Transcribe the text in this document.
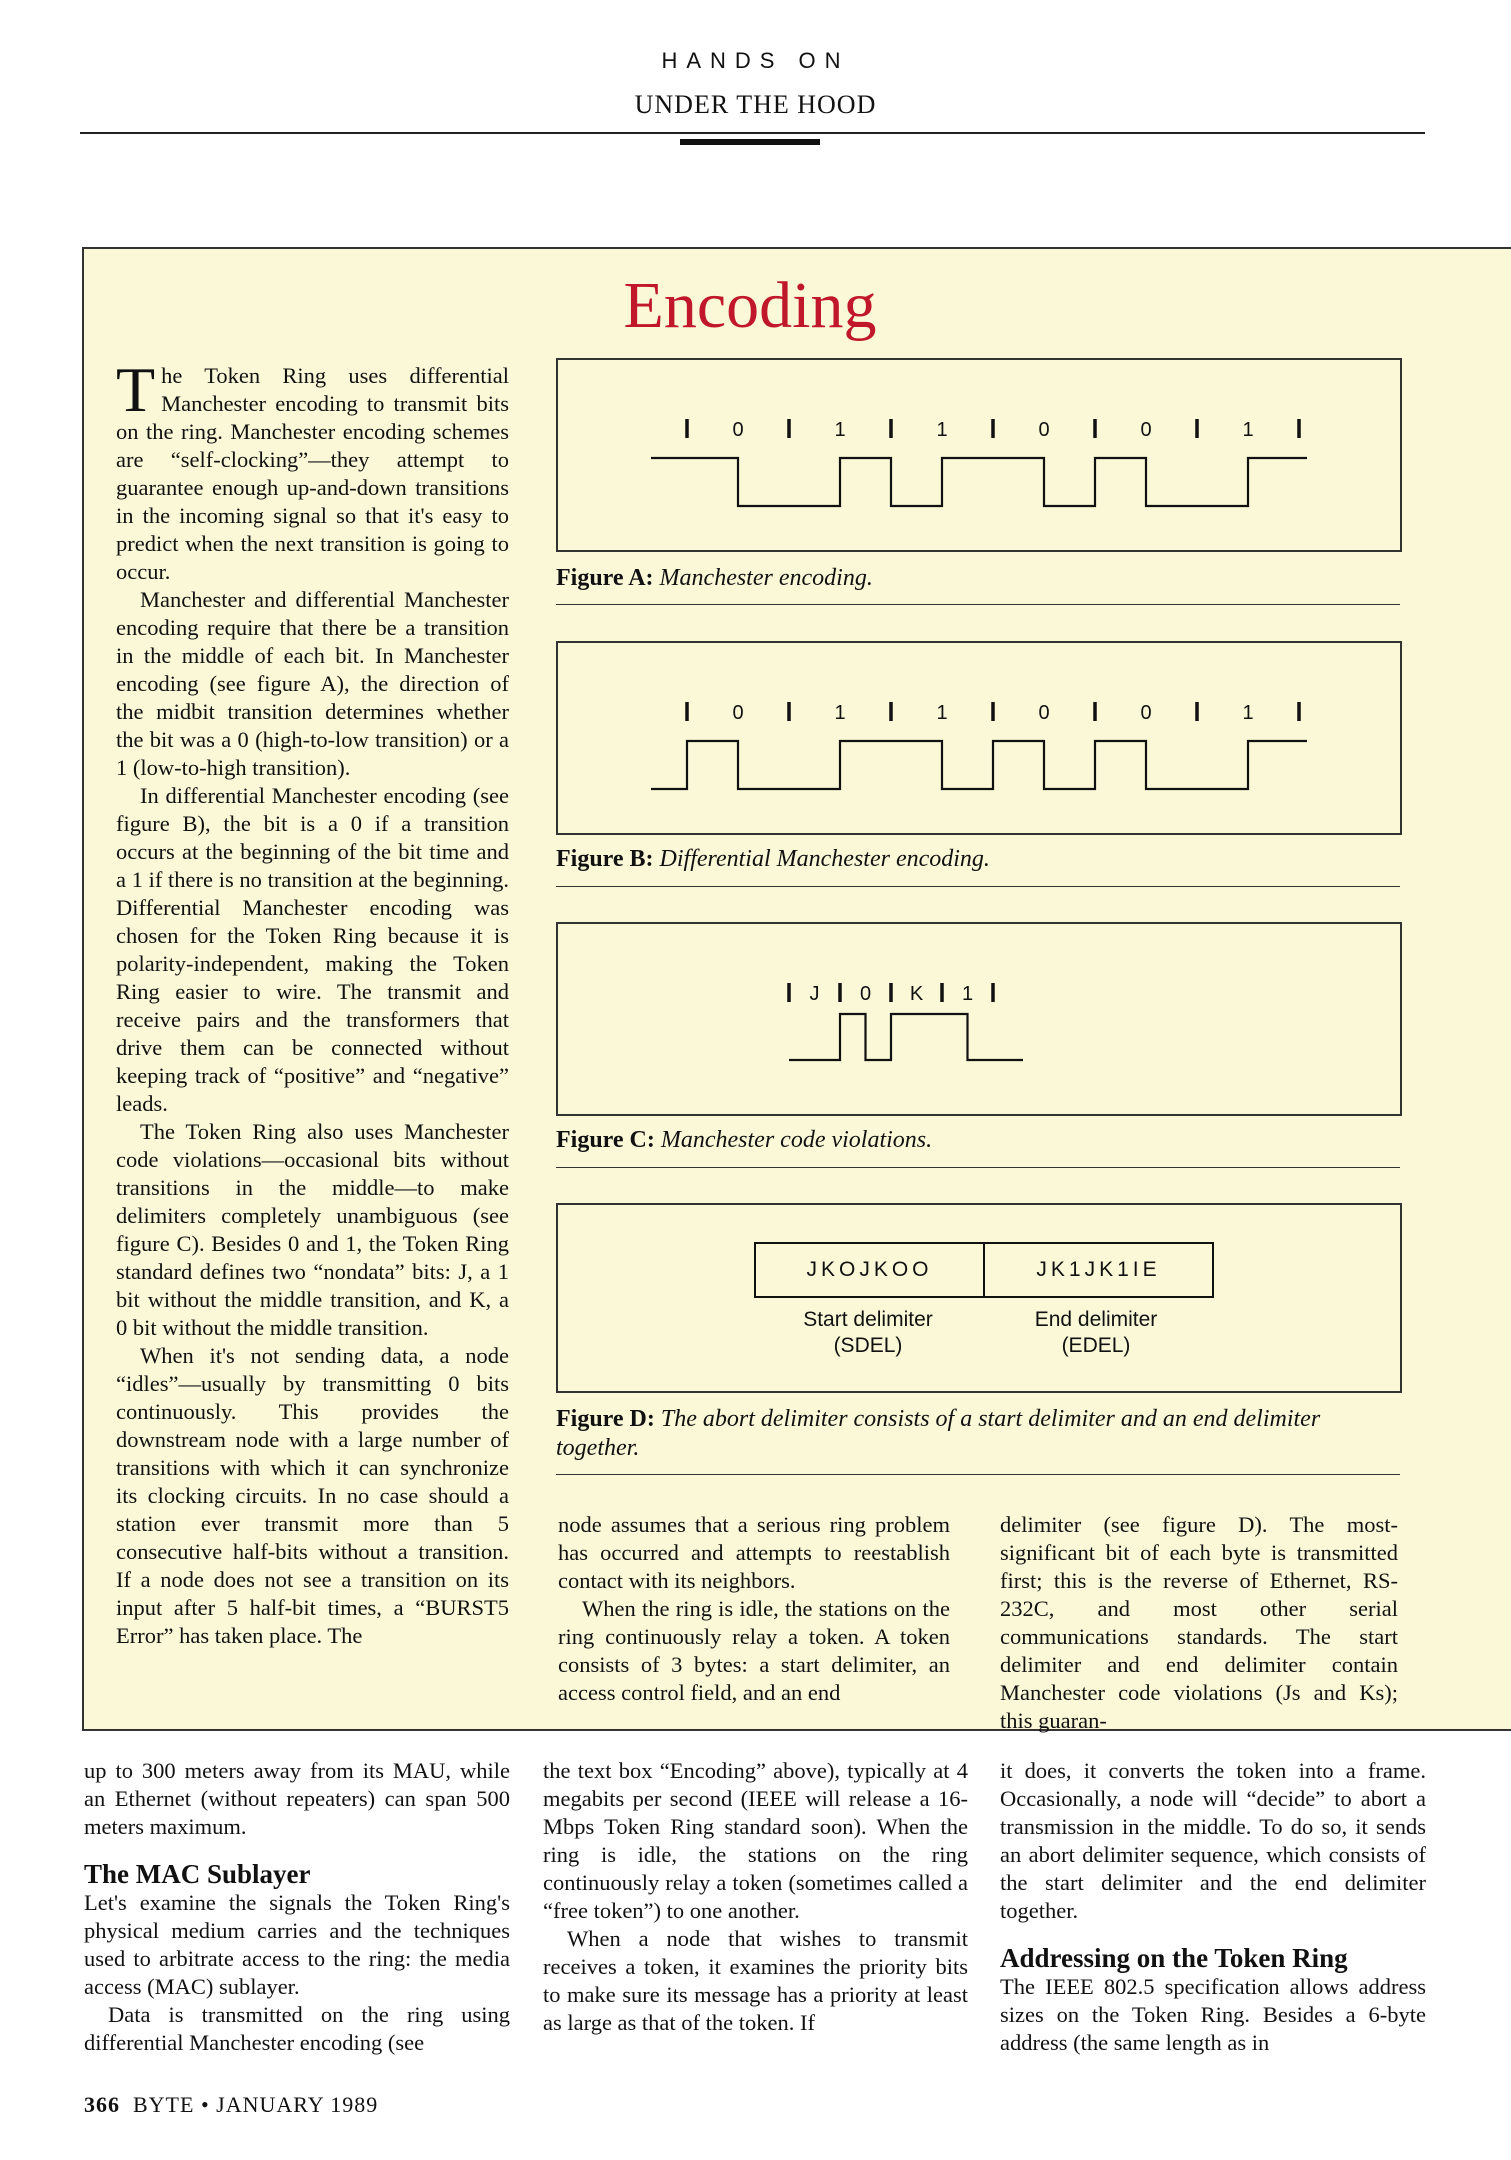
HANDS ON
UNDER THE HOOD
Encoding

The Token Ring uses differential Manchester encoding to transmit bits on the ring. Manchester encoding schemes are “self-clocking”—they attempt to guarantee enough up-and-down transitions in the incoming signal so that it's easy to predict when the next transition is going to occur.

Manchester and differential Manchester encoding require that there be a transition in the middle of each bit. In Manchester encoding (see figure A), the direction of the midbit transition determines whether the bit was a 0 (high-to-low transition) or a 1 (low-to-high transition).

In differential Manchester encoding (see figure B), the bit is a 0 if a transition occurs at the beginning of the bit time and a 1 if there is no transition at the beginning. Differential Manchester encoding was chosen for the Token Ring because it is polarity-independent, making the Token Ring easier to wire. The transmit and receive pairs and the transformers that drive them can be connected without keeping track of “positive” and “negative” leads.

The Token Ring also uses Manchester code violations—occasional bits without transitions in the middle—to make delimiters completely unambiguous (see figure C). Besides 0 and 1, the Token Ring standard defines two “nondata” bits: J, a 1 bit without the middle transition, and K, a 0 bit without the middle transition.

When it's not sending data, a node “idles”—usually by transmitting 0 bits continuously. This provides the downstream node with a large number of transitions with which it can synchronize its clocking circuits. In no case should a station ever transmit more than 5 consecutive half-bits without a transition. If a node does not see a transition on its input after 5 half-bit times, a “BURST5 Error” has taken place. The

0	1	1	0	0	1
Figure A: Manchester encoding.
0	1	1	0	0	1
Figure B: Differential Manchester encoding.
J 0 K 1
Figure C: Manchester code violations.
JKOJKOO	JK1JK1IE
Start delimiter
(SDEL)
End delimiter
(EDEL)
Figure D: The abort delimiter consists of a start delimiter and an end delimiter together.

node assumes that a serious ring problem has occurred and attempts to reestablish contact with its neighbors.

When the ring is idle, the stations on the ring continuously relay a token. A token consists of 3 bytes: a start delimiter, an access control field, and an end

delimiter (see figure D). The most-significant bit of each byte is transmitted first; this is the reverse of Ethernet, RS-232C, and most other serial communications standards. The start delimiter and end delimiter contain Manchester code violations (Js and Ks); this guaran-

up to 300 meters away from its MAU, while an Ethernet (without repeaters) can span 500 meters maximum.

The MAC Sublayer

Let's examine the signals the Token Ring's physical medium carries and the techniques used to arbitrate access to the ring: the media access (MAC) sublayer.

Data is transmitted on the ring using differential Manchester encoding (see

the text box “Encoding” above), typically at 4 megabits per second (IEEE will release a 16-Mbps Token Ring standard soon). When the ring is idle, the stations on the ring continuously relay a token (sometimes called a “free token”) to one another.

When a node that wishes to transmit receives a token, it examines the priority bits to make sure its message has a priority at least as large as that of the token. If

it does, it converts the token into a frame. Occasionally, a node will “decide” to abort a transmission in the middle. To do so, it sends an abort delimiter sequence, which consists of the start delimiter and the end delimiter together.

Addressing on the Token Ring

The IEEE 802.5 specification allows address sizes on the Token Ring. Besides a 6-byte address (the same length as in

366 BYTE • JANUARY 1989
